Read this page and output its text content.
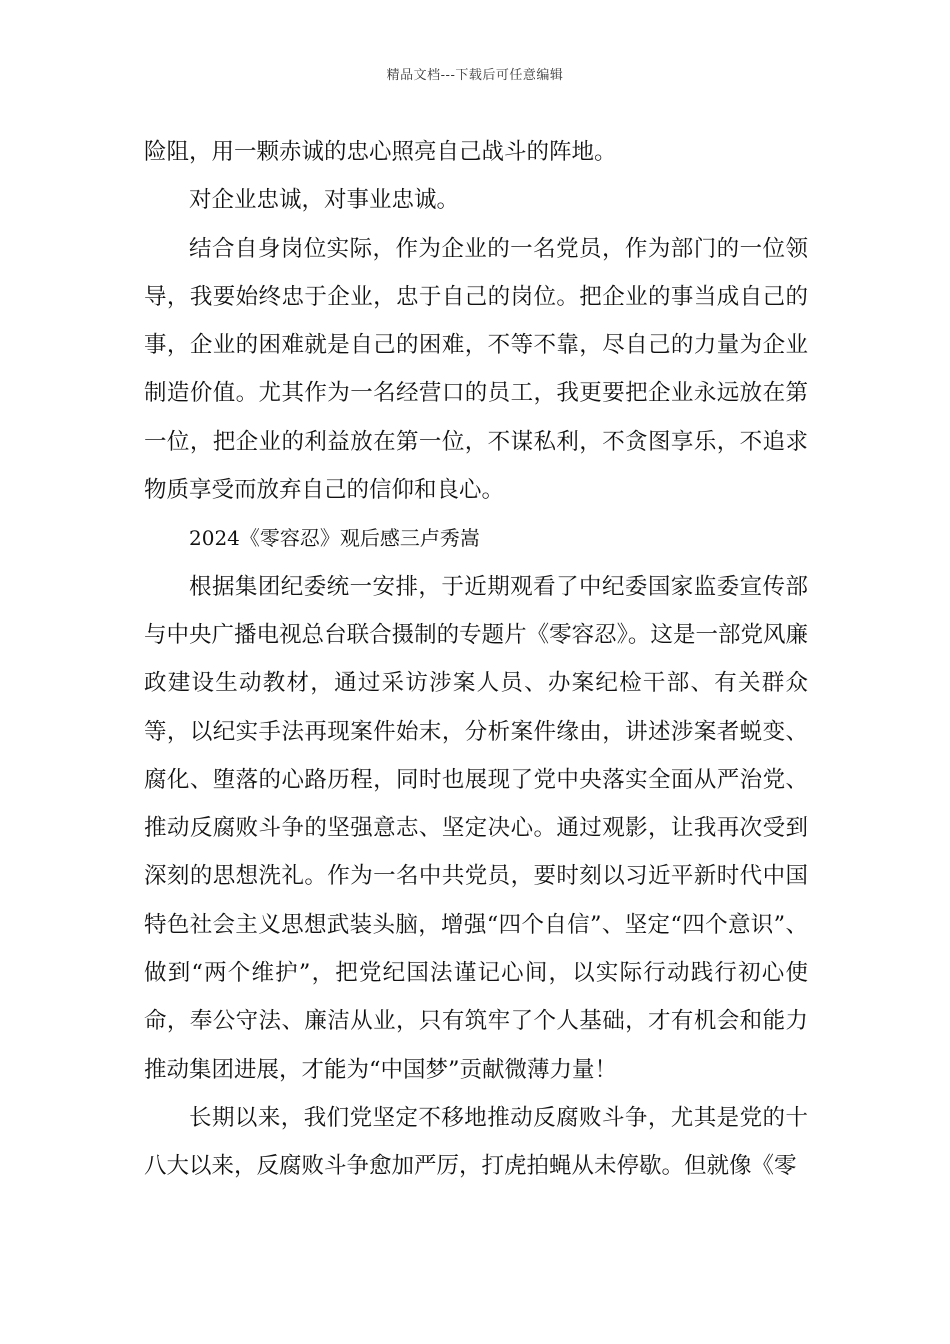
精品文档---下载后可任意编辑

险阻，用一颗赤诚的忠心照亮自己战斗的阵地。

对企业忠诚，对事业忠诚。

结合自身岗位实际，作为企业的一名党员，作为部门的一位领导，我要始终忠于企业，忠于自己的岗位。把企业的事当成自己的事，企业的困难就是自己的困难，不等不靠，尽自己的力量为企业制造价值。尤其作为一名经营口的员工，我更要把企业永远放在第一位，把企业的利益放在第一位，不谋私利，不贪图享乐，不追求物质享受而放弃自己的信仰和良心。

2024《零容忍》观后感三卢秀嵩

根据集团纪委统一安排，于近期观看了中纪委国家监委宣传部与中央广播电视总台联合摄制的专题片《零容忍》。这是一部党风廉政建设生动教材，通过采访涉案人员、办案纪检干部、有关群众等，以纪实手法再现案件始末，分析案件缘由，讲述涉案者蜕变、腐化、堕落的心路历程，同时也展现了党中央落实全面从严治党、推动反腐败斗争的坚强意志、坚定决心。通过观影，让我再次受到深刻的思想洗礼。作为一名中共党员，要时刻以习近平新时代中国特色社会主义思想武装头脑，增强“四个自信”、坚定“四个意识”、做到“两个维护”，把党纪国法谨记心间，以实际行动践行初心使命，奉公守法、廉洁从业，只有筑牢了个人基础，才有机会和能力推动集团进展，才能为“中国梦”贡献微薄力量！

长期以来，我们党坚定不移地推动反腐败斗争，尤其是党的十八大以来，反腐败斗争愈加严厉，打虎拍蝇从未停歇。但就像《零
